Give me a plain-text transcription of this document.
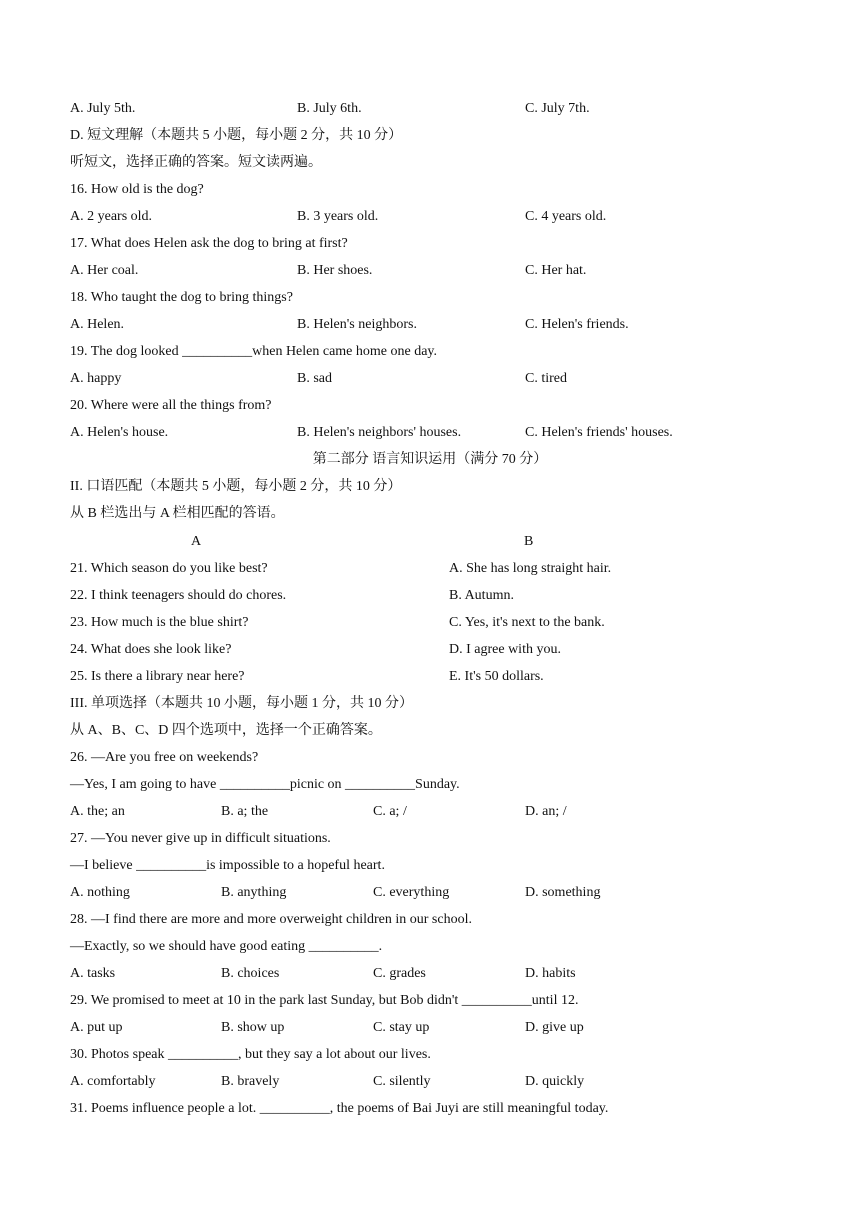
A. July 5th.	B. July 6th.	C. July 7th.
D. 短文理解（本题共 5 小题，每小题 2 分，共 10 分）
听短文，选择正确的答案。短文读两遍。
16. How old is the dog?
A. 2 years old.	B. 3 years old.	C. 4 years old.
17. What does Helen ask the dog to bring at first?
A. Her coal.	B. Her shoes.	C. Her hat.
18. Who taught the dog to bring things?
A. Helen.	B. Helen's neighbors.	C. Helen's friends.
19. The dog looked __________when Helen came home one day.
A. happy	B. sad	C. tired
20. Where were all the things from?
A. Helen's house.	B. Helen's neighbors' houses.	C. Helen's friends' houses.
第二部分 语言知识运用（满分 70 分）
II. 口语匹配（本题共 5 小题，每小题 2 分，共 10 分）
从 B 栏选出与 A 栏相匹配的答语。
A	B
21. Which season do you like best?	A. She has long straight hair.
22. I think teenagers should do chores.	B. Autumn.
23. How much is the blue shirt?	C. Yes, it's next to the bank.
24. What does she look like?	D. I agree with you.
25. Is there a library near here?	E. It's 50 dollars.
III. 单项选择（本题共 10 小题，每小题 1 分，共 10 分）
从 A、B、C、D 四个选项中，选择一个正确答案。
26. —Are you free on weekends?
—Yes, I am going to have __________picnic on __________Sunday.
A. the; an	B. a; the	C. a; /	D. an; /
27. —You never give up in difficult situations.
—I believe __________is impossible to a hopeful heart.
A. nothing	B. anything	C. everything	D. something
28. —I find there are more and more overweight children in our school.
—Exactly, so we should have good eating __________.
A. tasks	B. choices	C. grades	D. habits
29. We promised to meet at 10 in the park last Sunday, but Bob didn't __________until 12.
A. put up	B. show up	C. stay up	D. give up
30. Photos speak __________, but they say a lot about our lives.
A. comfortably	B. bravely	C. silently	D. quickly
31. Poems influence people a lot. __________, the poems of Bai Juyi are still meaningful today.
